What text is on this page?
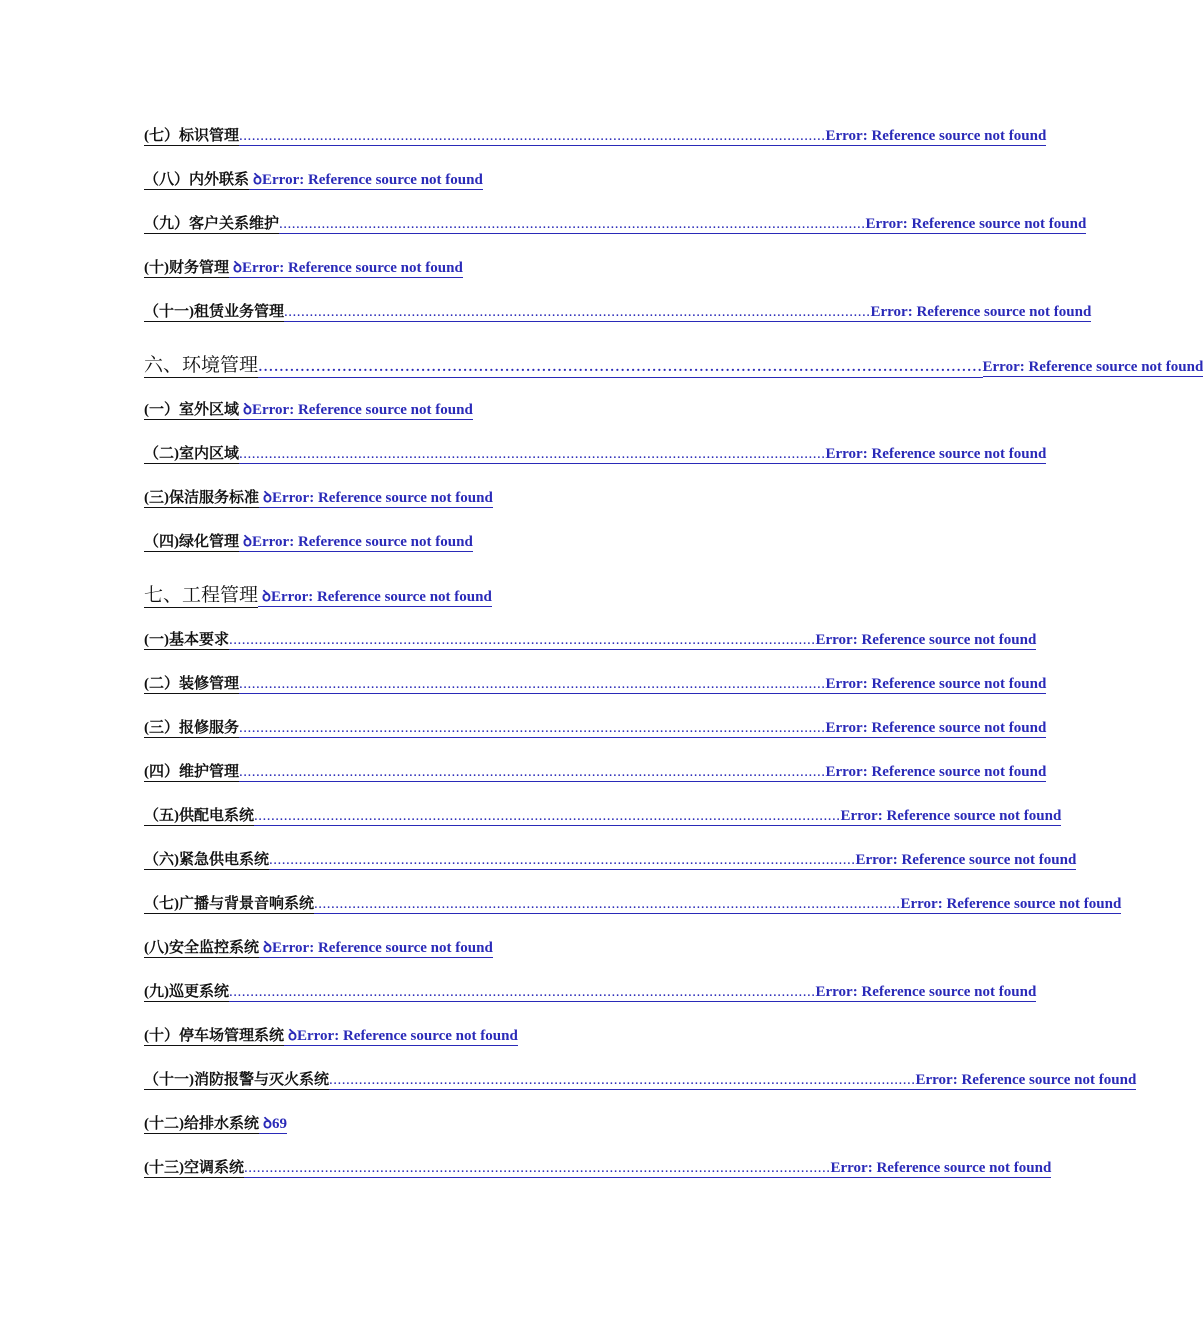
(七）标识管理 .......................................................................................................................................... Error: Reference source not found
（八）内外联系 ꝺ Error: Reference source not found
（九）客户关系维护 .......................................................................................................................................... Error: Reference source not found
(十)财务管理 ꝺ Error: Reference source not found
（十一)租赁业务管理 .......................................................................................................................................... Error: Reference source not found
六、环境管理 .......................................................................................................................................... Error: Reference source not found
(一）室外区域 ꝺ Error: Reference source not found
（二)室内区域 .......................................................................................................................................... Error: Reference source not found
(三)保洁服务标准 ꝺ Error: Reference source not found
（四)绿化管理 ꝺ Error: Reference source not found
七、工程管理 ꝺ Error: Reference source not found
(一)基本要求 .......................................................................................................................................... Error: Reference source not found
(二）装修管理 .......................................................................................................................................... Error: Reference source not found
(三）报修服务 .......................................................................................................................................... Error: Reference source not found
(四）维护管理 .......................................................................................................................................... Error: Reference source not found
（五)供配电系统 .......................................................................................................................................... Error: Reference source not found
（六)紧急供电系统 .......................................................................................................................................... Error: Reference source not found
（七)广播与背景音响系统 .......................................................................................................................................... Error: Reference source not found
(八)安全监控系统 ꝺ Error: Reference source not found
(九)巡更系统 .......................................................................................................................................... Error: Reference source not found
(十）停车场管理系统 ꝺ Error: Reference source not found
（十一)消防报警与灭火系统 .......................................................................................................................................... Error: Reference source not found
(十二)给排水系统 ꝺ 69
(十三)空调系统 .......................................................................................................................................... Error: Reference source not found
